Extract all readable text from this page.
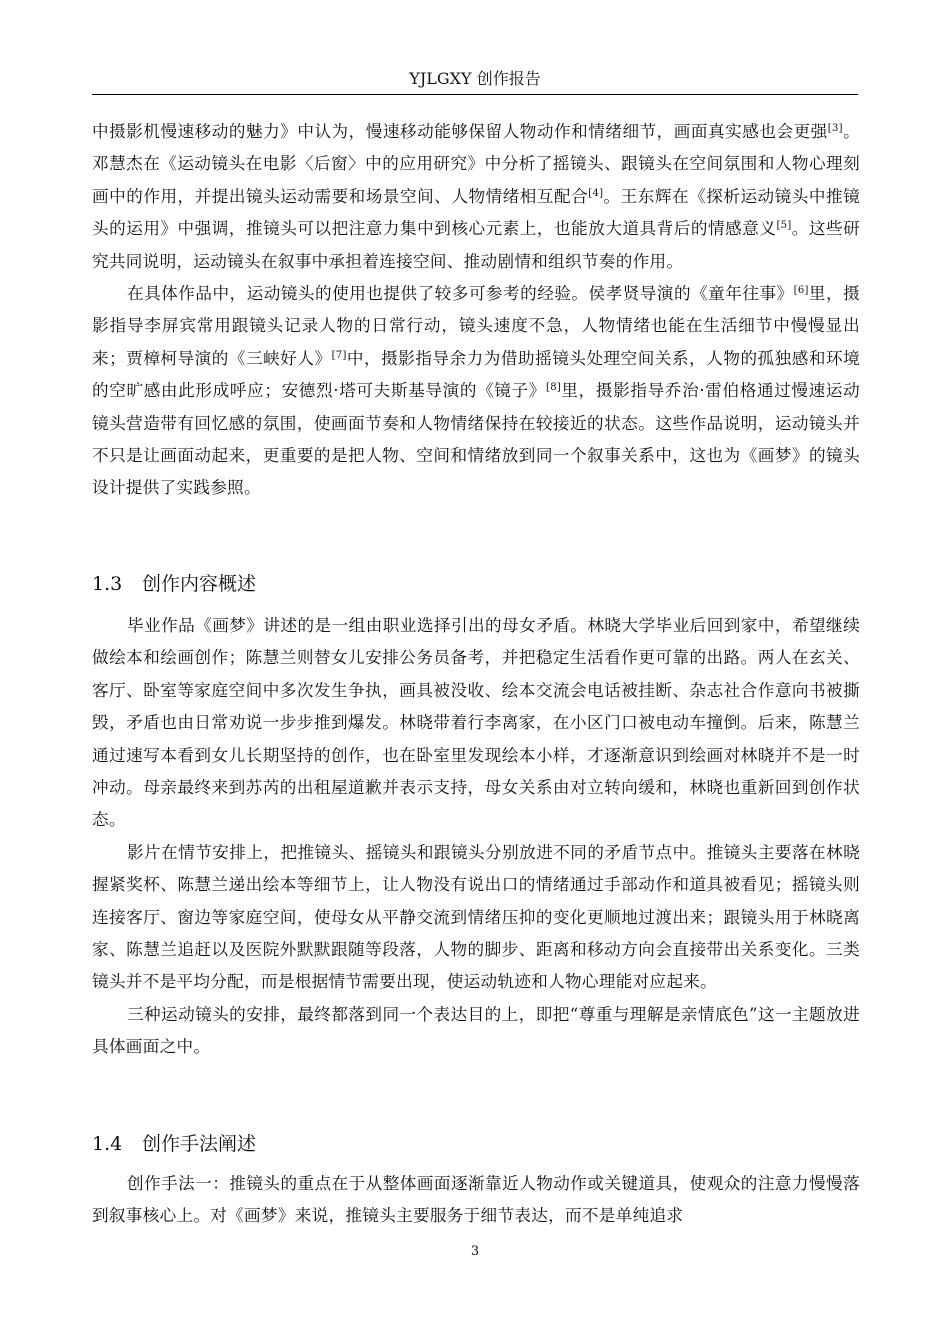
YJLGXY 创作报告

中摄影机慢速移动的魅力》中认为，慢速移动能够保留人物动作和情绪细节，画面真实感也会更强[3]。邓慧杰在《运动镜头在电影〈后窗〉中的应用研究》中分析了摇镜头、跟镜头在空间氛围和人物心理刻画中的作用，并提出镜头运动需要和场景空间、人物情绪相互配合[4]。王东辉在《探析运动镜头中推镜头的运用》中强调，推镜头可以把注意力集中到核心元素上，也能放大道具背后的情感意义[5]。这些研究共同说明，运动镜头在叙事中承担着连接空间、推动剧情和组织节奏的作用。

在具体作品中，运动镜头的使用也提供了较多可参考的经验。侯孝贤导演的《童年往事》[6]里，摄影指导李屏宾常用跟镜头记录人物的日常行动，镜头速度不急，人物情绪也能在生活细节中慢慢显出来；贾樟柯导演的《三峡好人》[7]中，摄影指导余力为借助摇镜头处理空间关系，人物的孤独感和环境的空旷感由此形成呼应；安德烈·塔可夫斯基导演的《镜子》[8]里，摄影指导乔治·雷伯格通过慢速运动镜头营造带有回忆感的氛围，使画面节奏和人物情绪保持在较接近的状态。这些作品说明，运动镜头并不只是让画面动起来，更重要的是把人物、空间和情绪放到同一个叙事关系中，这也为《画梦》的镜头设计提供了实践参照。

1.3 创作内容概述

毕业作品《画梦》讲述的是一组由职业选择引出的母女矛盾。林晓大学毕业后回到家中，希望继续做绘本和绘画创作；陈慧兰则替女儿安排公务员备考，并把稳定生活看作更可靠的出路。两人在玄关、客厅、卧室等家庭空间中多次发生争执，画具被没收、绘本交流会电话被挂断、杂志社合作意向书被撕毁，矛盾也由日常劝说一步步推到爆发。林晓带着行李离家，在小区门口被电动车撞倒。后来，陈慧兰通过速写本看到女儿长期坚持的创作，也在卧室里发现绘本小样，才逐渐意识到绘画对林晓并不是一时冲动。母亲最终来到苏芮的出租屋道歉并表示支持，母女关系由对立转向缓和，林晓也重新回到创作状态。

影片在情节安排上，把推镜头、摇镜头和跟镜头分别放进不同的矛盾节点中。推镜头主要落在林晓握紧奖杯、陈慧兰递出绘本等细节上，让人物没有说出口的情绪通过手部动作和道具被看见；摇镜头则连接客厅、窗边等家庭空间，使母女从平静交流到情绪压抑的变化更顺地过渡出来；跟镜头用于林晓离家、陈慧兰追赶以及医院外默默跟随等段落，人物的脚步、距离和移动方向会直接带出关系变化。三类镜头并不是平均分配，而是根据情节需要出现，使运动轨迹和人物心理能对应起来。

三种运动镜头的安排，最终都落到同一个表达目的上，即把“尊重与理解是亲情底色”这一主题放进具体画面之中。

1.4 创作手法阐述

创作手法一：推镜头的重点在于从整体画面逐渐靠近人物动作或关键道具，使观众的注意力慢慢落到叙事核心上。对《画梦》来说，推镜头主要服务于细节表达，而不是单纯追求

3
